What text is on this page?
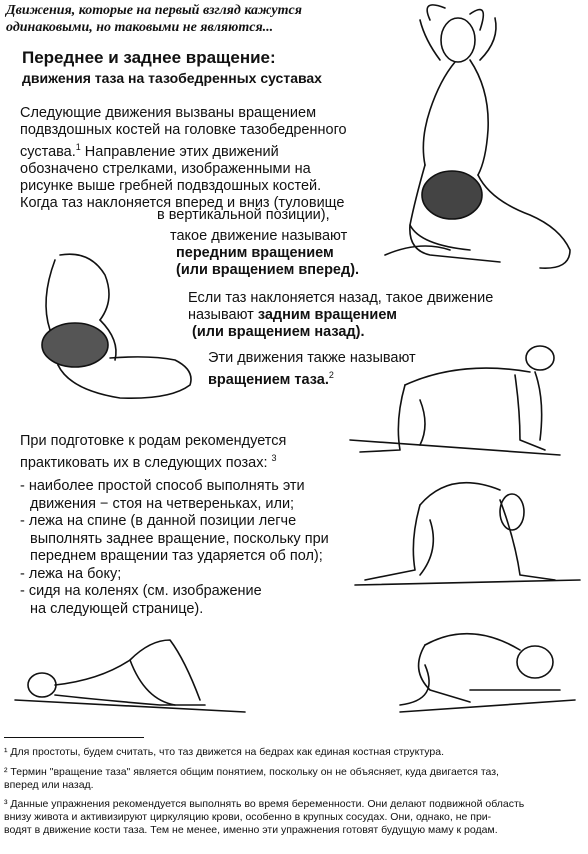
Движения, которые на первый взгляд кажутся
одинаковыми, но таковыми не являются...
Переднее и заднее вращение:
движения таза на тазобедренных суставах
Следующие движения вызваны вращением
подвздошных костей на головке тазобедренного
сустава.$^1$ Направление этих движений
обозначено стрелками, изображенными на
рисунке выше гребней подвздошных костей.
Когда таз наклоняется вперед и вниз (туловище
в вертикальной позиции),
такое движение называют
передним вращением
(или вращением вперед).
Если таз наклоняется назад, такое движение
называют задним вращением
(или вращением назад).
Эти движения также называют
вращением таза.$^2$
При подготовке к родам рекомендуется
практиковать их в следующих позах: $^3$
- наиболее простой способ выполнять эти
движения − стоя на четвереньках, или;
- лежа на спине (в данной позиции легче
выполнять заднее вращение, поскольку при
переднем вращении таз ударяется об пол);
- лежа на боку;
- сидя на коленях (см. изображение
на следующей странице).
¹ Для простоты, будем считать, что таз движется на бедрах как единая костная структура.
² Термин "вращение таза" является общим понятием, поскольку он не объясняет, куда двигается таз,
вперед или назад.
³ Данные упражнения рекомендуется выполнять во время беременности. Они делают подвижной область
внизу живота и активизируют циркуляцию крови, особенно в крупных сосудах. Они, однако, не при-
водят в движение кости таза. Тем не менее, именно эти упражнения готовят будущую маму к родам.
